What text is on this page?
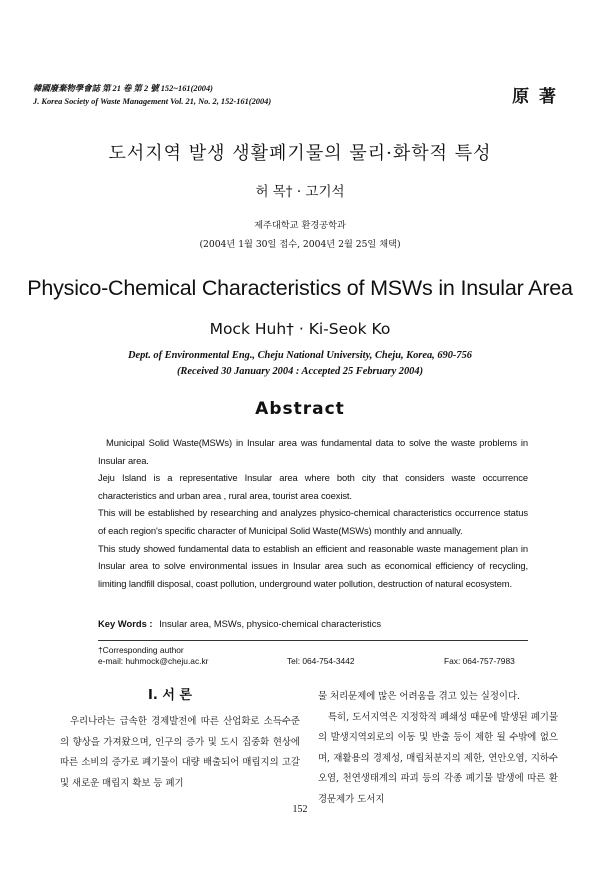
韓國廢棄物學會誌 第 21 卷 第 2 號 152~161(2004)
J. Korea Society of Waste Management Vol. 21, No. 2, 152-161(2004)	原 著
도서지역 발생 생활폐기물의 물리·화학적 특성
허 목† · 고기석
제주대학교 환경공학과
(2004년 1월 30일 접수, 2004년 2월 25일 채택)
Physico-Chemical Characteristics of MSWs in Insular Area
Mock Huh† · Ki-Seok Ko
Dept. of Environmental Eng., Cheju National University, Cheju, Korea, 690-756
(Received 30 January 2004 : Accepted 25 February 2004)
Abstract

Municipal Solid Waste(MSWs) in Insular area was fundamental data to solve the waste problems in Insular area.

Jeju Island is a representative Insular area where both city that considers waste occurrence characteristics and urban area , rural area, tourist area coexist.

This will be established by researching and analyzes physico-chemical characteristics occurrence status of each region's specific character of Municipal Solid Waste(MSWs) monthly and annually.

This study showed fundamental data to establish an efficient and reasonable waste management plan in Insular area to solve environmental issues in Insular area such as economical efficiency of recycling, limiting landfill disposal, coast pollution, underground water pollution, destruction of natural ecosystem.

Key Words : Insular area, MSWs, physico-chemical characteristics
†Corresponding author
e-mail: huhmock@cheju.ac.kr	Tel: 064-754-3442	Fax: 064-757-7983
Ⅰ. 서 론

우리나라는 급속한 경제발전에 따른 산업화로 소득수준의 향상을 가져왔으며, 인구의 증가 및 도시 집중화 현상에 따른 소비의 증가로 폐기물이 대량 배출되어 매립지의 고갈 및 새로운 매립지 확보 등 폐기

물 처리문제에 많은 어려움을 겪고 있는 실정이다.

특히, 도서지역은 지정학적 폐쇄성 때문에 발생된 폐기물의 발생지역외로의 이동 및 반출 등이 제한 될 수밖에 없으며, 재활용의 경제성, 매립처분지의 제한, 연안오염, 지하수오염, 천연생태계의 파괴 등의 각종 폐기물 발생에 따른 환경문제가 도서지

152
